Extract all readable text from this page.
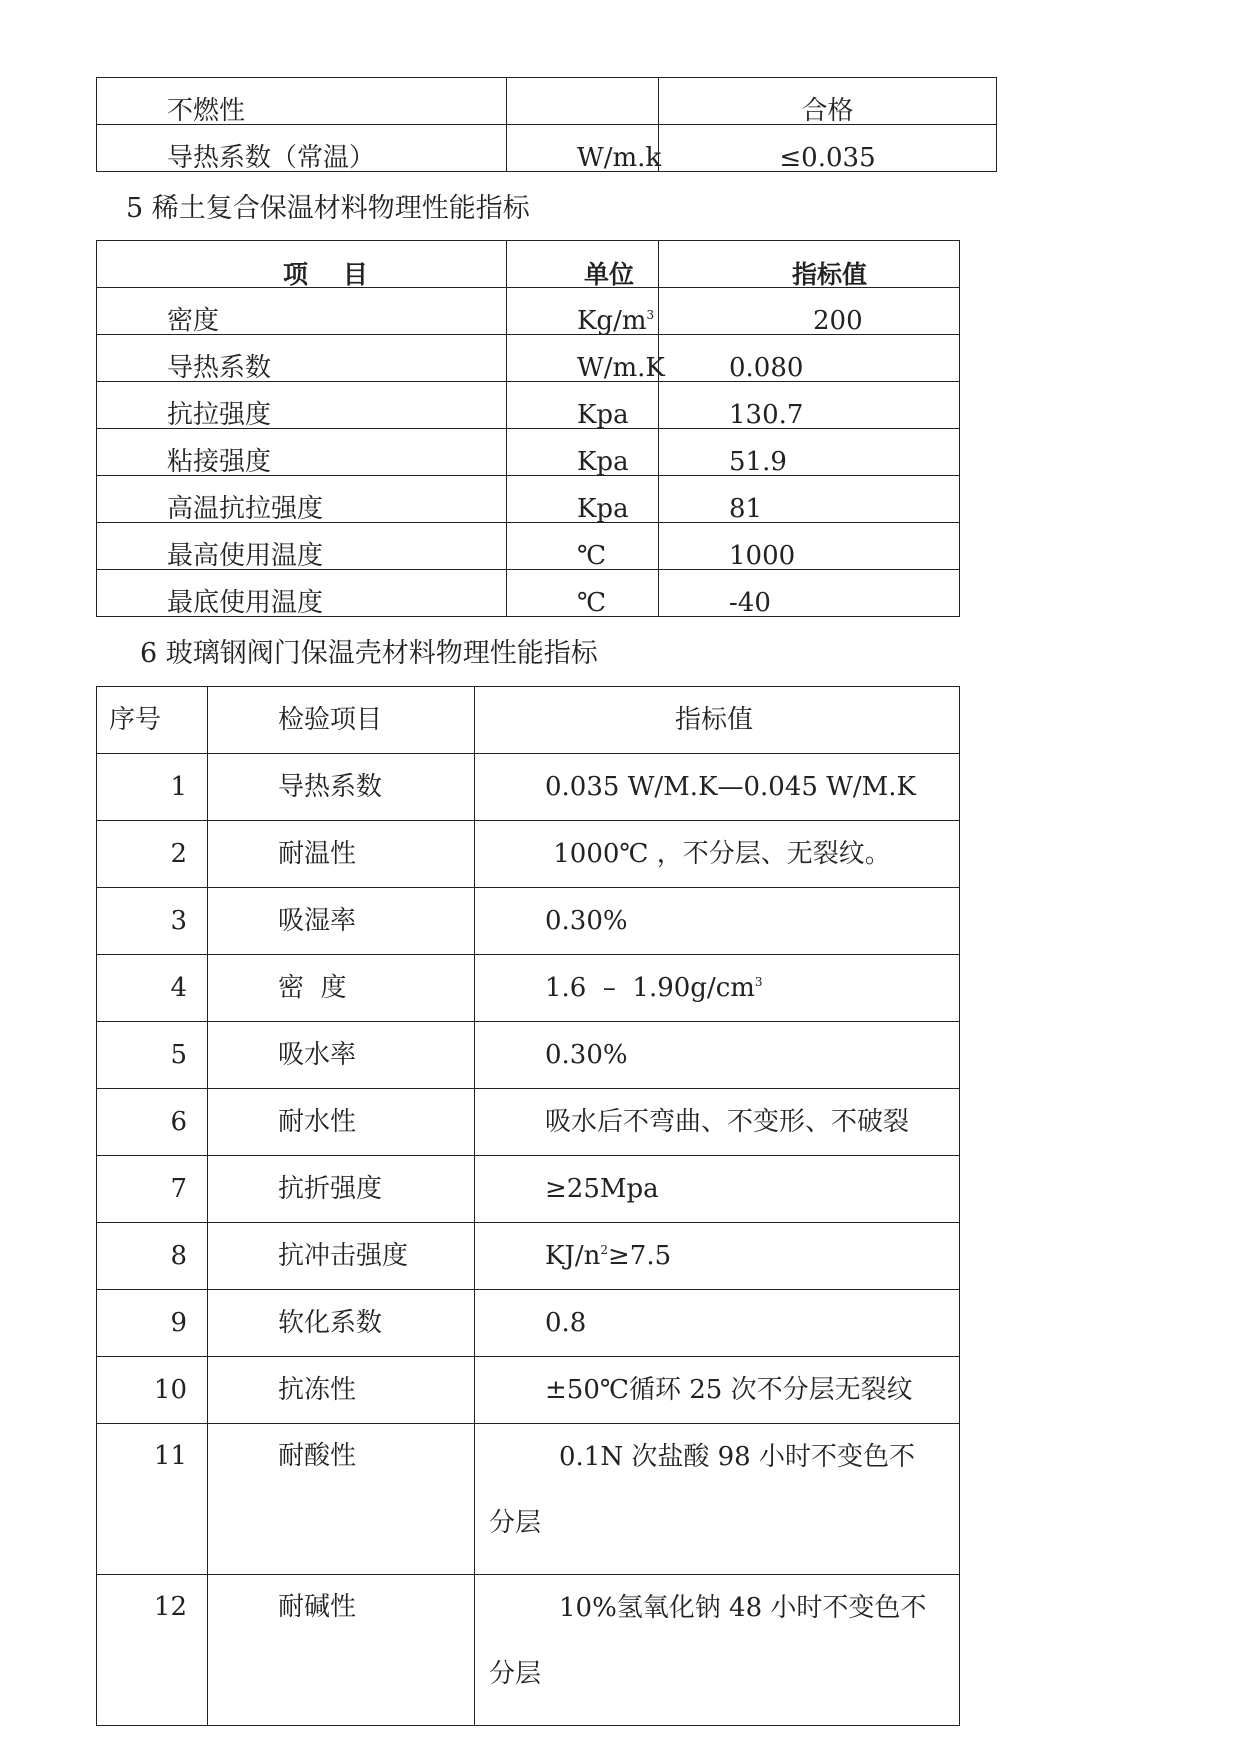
不燃性		合格
导热系数（常温）	W/m.k	≤0.035

5 稀土复合保温材料物理性能指标

项    目	单位	指标值
密度	$Kg/m^3$	200
导热系数	W/m.K	0.080
抗拉强度	Kpa	130.7
粘接强度	Kpa	51.9
高温抗拉强度	Kpa	81
最高使用温度	℃	1000
最底使用温度	℃	-40

6 玻璃钢阀门保温壳材料物理性能指标

序号	检验项目	指标值
1	导热系数	0.035 W/M.K—0.045 W/M.K
2	耐温性	1000℃ ，不分层、无裂纹。
3	吸湿率	0.30%
4	密  度	$1.6 - 1.90g/cm^3$
5	吸水率	0.30%
6	耐水性	吸水后不弯曲、不变形、不破裂
7	抗折强度	≥25Mpa
8	抗冲击强度	$KJ/n^2\ge 7.5$
9	软化系数	0.8
10	抗冻性	±50℃循环 25 次不分层无裂纹
11	耐酸性	0.1N 次盐酸 98 小时不变色不分层
12	耐碱性	10%氢氧化钠 48 小时不变色不分层
